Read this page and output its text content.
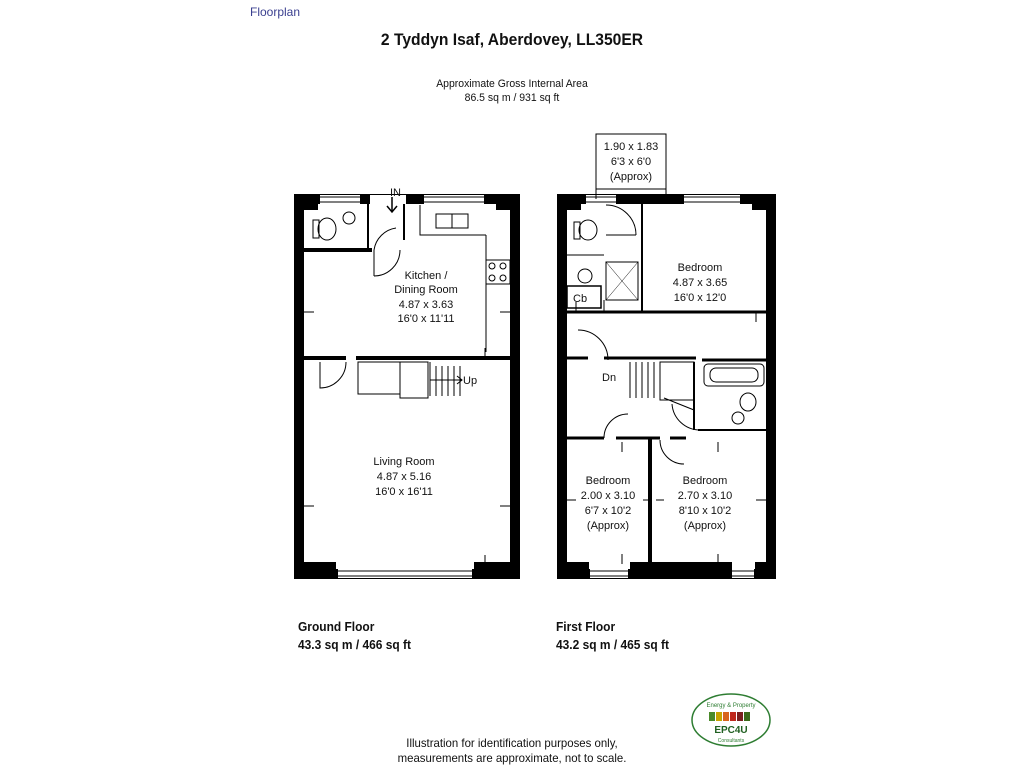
Floorplan
2 Tyddyn Isaf, Aberdovey, LL350ER
Approximate Gross Internal Area
86.5 sq m / 931 sq ft
IN
Up
Kitchen /
Dining Room
4.87 x 3.63
16'0 x 11'11
Living Room
4.87 x 5.16
16'0 x 16'11
1.90 x 1.83
6'3 x 6'0
(Approx)
Bedroom
4.87 x 3.65
16'0 x 12'0
Cb
Dn
Bedroom
2.00 x 3.10
6'7 x 10'2
(Approx)
Bedroom
2.70 x 3.10
8'10 x 10'2
(Approx)
Energy & Property
EPC4U
Consultants
Ground Floor
43.3 sq m / 466 sq ft
First Floor
43.2 sq m / 465 sq ft
Illustration for identification purposes only,
measurements are approximate, not to scale.
